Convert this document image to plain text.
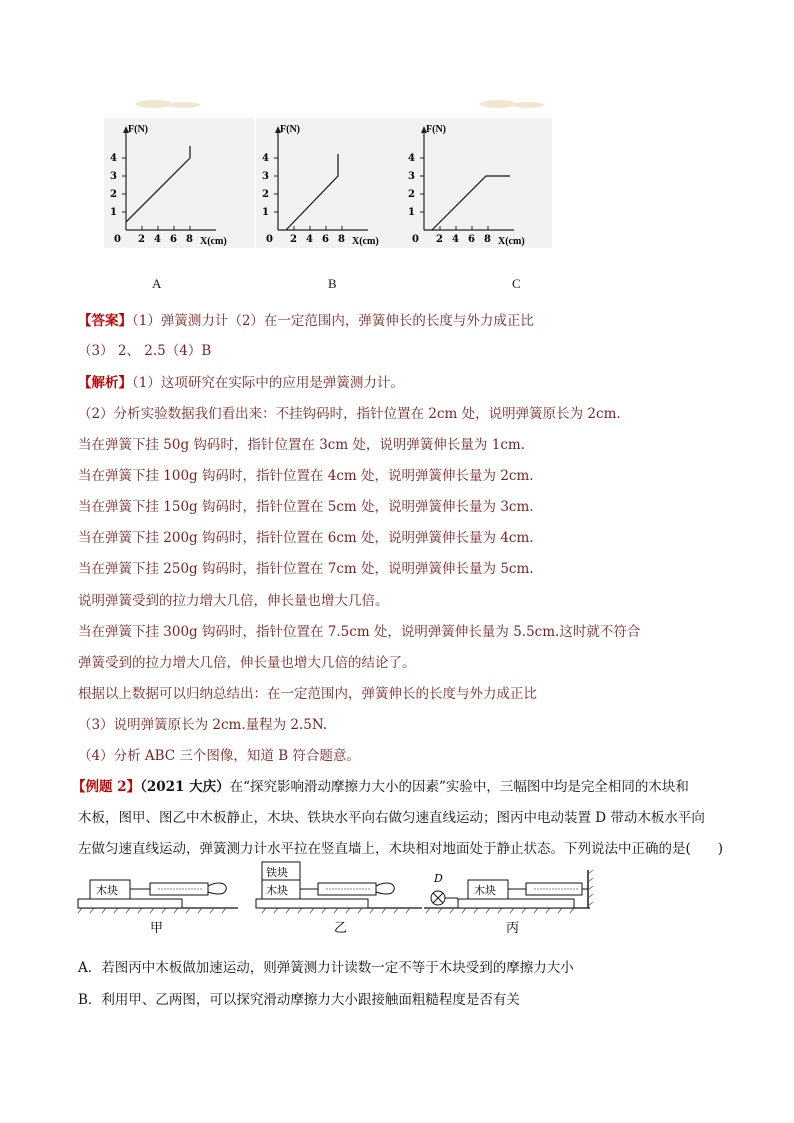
F(N)
4
3
2
1
0 2 4 6 8 X(cm)
F(N)
4
3
2
1
0 2 4 6 8 X(cm)
F(N)
4
3
2
1
0 2 4 6 8 X(cm)
A	B	C
【答案】（1）弹簧测力计（2）在一定范围内，弹簧伸长的长度与外力成正比
（3） 2、 2.5（4）B
【解析】（1）这项研究在实际中的应用是弹簧测力计。
（2）分析实验数据我们看出来：不挂钩码时，指针位置在 2cm 处，说明弹簧原长为 2cm.
当在弹簧下挂 50g 钩码时，指针位置在 3cm 处，说明弹簧伸长量为 1cm.
当在弹簧下挂 100g 钩码时，指针位置在 4cm 处，说明弹簧伸长量为 2cm.
当在弹簧下挂 150g 钩码时，指针位置在 5cm 处，说明弹簧伸长量为 3cm.
当在弹簧下挂 200g 钩码时，指针位置在 6cm 处，说明弹簧伸长量为 4cm.
当在弹簧下挂 250g 钩码时，指针位置在 7cm 处，说明弹簧伸长量为 5cm.
说明弹簧受到的拉力增大几倍，伸长量也增大几倍。
当在弹簧下挂 300g 钩码时，指针位置在 7.5cm 处，说明弹簧伸长量为 5.5cm.这时就不符合
弹簧受到的拉力增大几倍，伸长量也增大几倍的结论了。
根据以上数据可以归纳总结出：在一定范围内，弹簧伸长的长度与外力成正比
（3）说明弹簧原长为 2cm.量程为 2.5N.
（4）分析 ABC 三个图像，知道 B 符合题意。
【例题 2】（2021 大庆）在“探究影响滑动摩擦力大小的因素”实验中，三幅图中均是完全相同的木块和
木板，图甲、图乙中木板静止，木块、铁块水平向右做匀速直线运动；图丙中电动装置 D 带动木板水平向
左做匀速直线运动，弹簧测力计水平拉在竖直墙上，木块相对地面处于静止状态。下列说法中正确的是(　　)
木块
甲
铁块
木块
乙
D
木块
丙
A．若图丙中木板做加速运动，则弹簧测力计读数一定不等于木块受到的摩擦力大小
B．利用甲、乙两图，可以探究滑动摩擦力大小跟接触面粗糙程度是否有关
